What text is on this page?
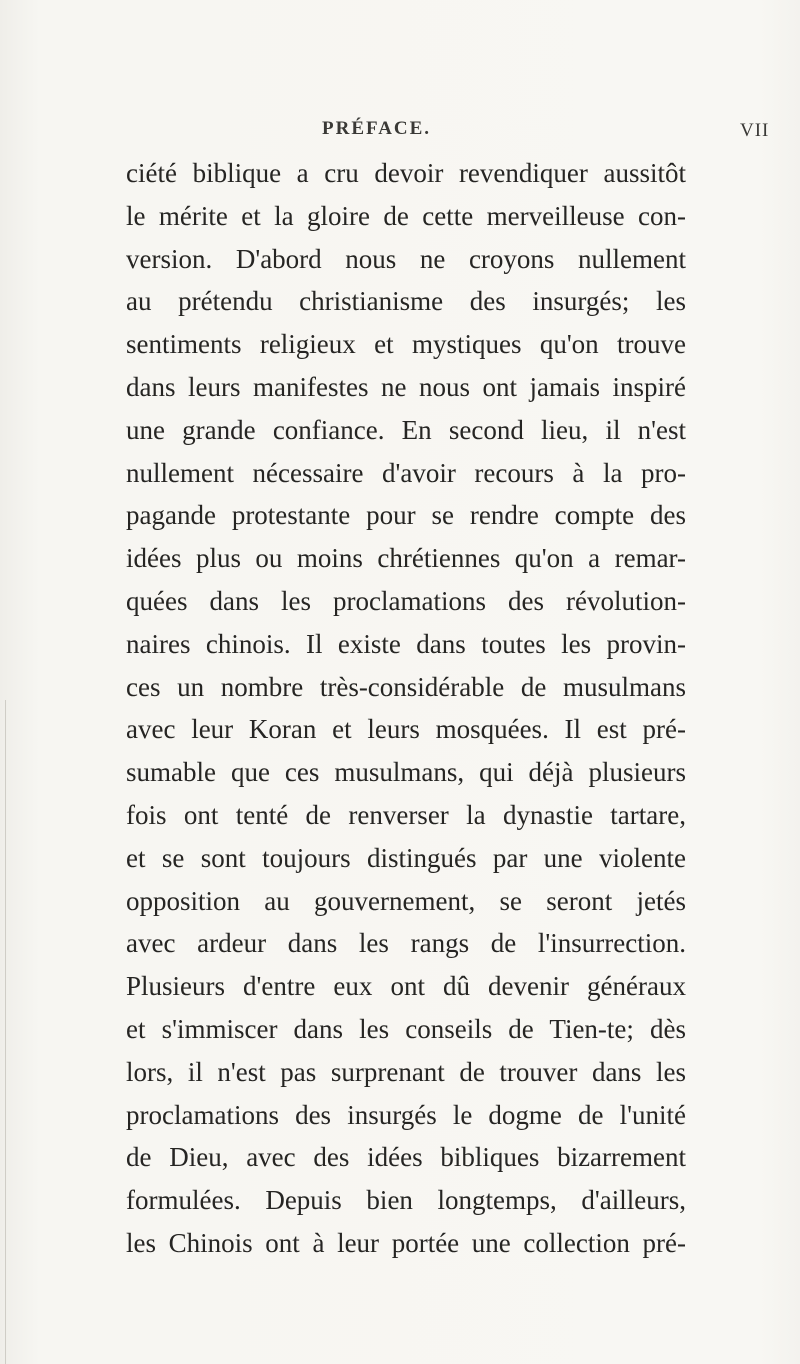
PRÉFACE.	VII
ciété biblique a cru devoir revendiquer aussitôt
le mérite et la gloire de cette merveilleuse con-
version. D'abord nous ne croyons nullement
au prétendu christianisme des insurgés; les
sentiments religieux et mystiques qu'on trouve
dans leurs manifestes ne nous ont jamais inspiré
une grande confiance. En second lieu, il n'est
nullement nécessaire d'avoir recours à la pro-
pagande protestante pour se rendre compte des
idées plus ou moins chrétiennes qu'on a remar-
quées dans les proclamations des révolution-
naires chinois. Il existe dans toutes les provin-
ces un nombre très-considérable de musulmans
avec leur Koran et leurs mosquées. Il est pré-
sumable que ces musulmans, qui déjà plusieurs
fois ont tenté de renverser la dynastie tartare,
et se sont toujours distingués par une violente
opposition au gouvernement, se seront jetés
avec ardeur dans les rangs de l'insurrection.
Plusieurs d'entre eux ont dû devenir généraux
et s'immiscer dans les conseils de Tien-te; dès
lors, il n'est pas surprenant de trouver dans les
proclamations des insurgés le dogme de l'unité
de Dieu, avec des idées bibliques bizarrement
formulées. Depuis bien longtemps, d'ailleurs,
les Chinois ont à leur portée une collection pré-
